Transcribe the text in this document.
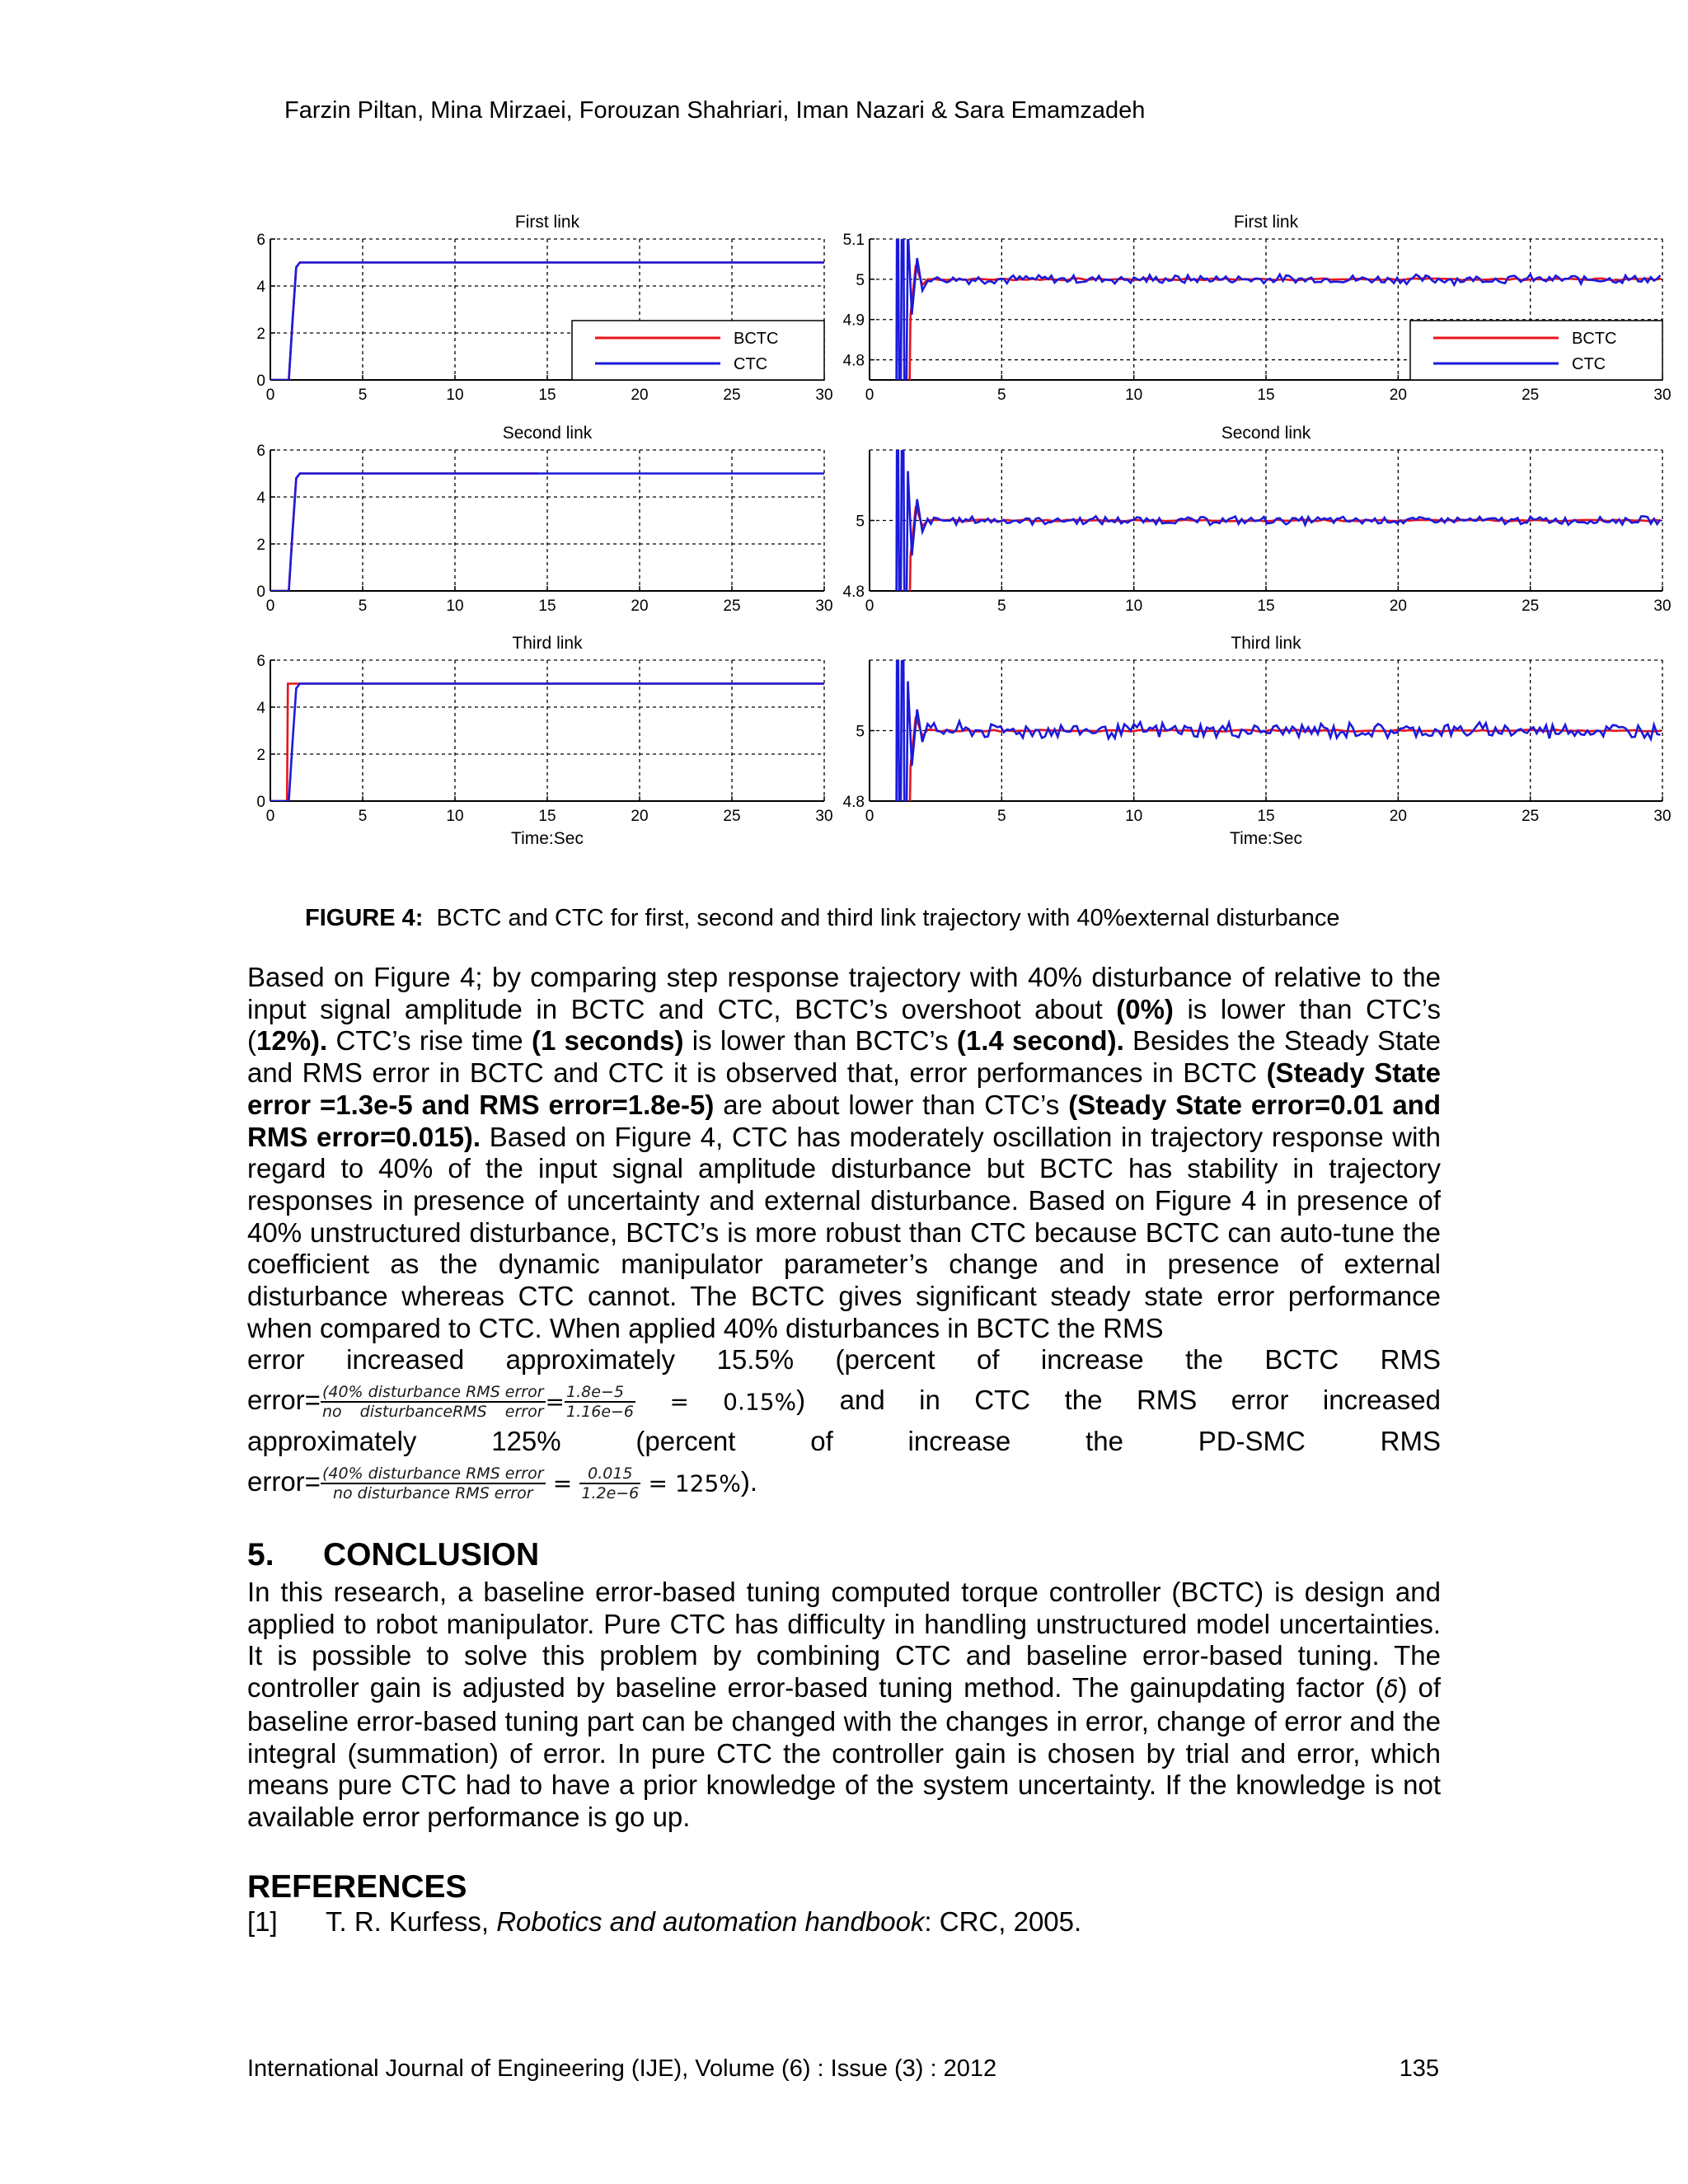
Farzin Piltan, Mina Mirzaei, Forouzan Shahriari, Iman Nazari & Sara Emamzadeh
First link
0	5	10	15	20	25	30
0
2
4
6
BCTC
CTC
First link
0	5	10	15	20	25	30
4.8
4.9
5
5.1
BCTC
CTC
Second link
0	5	10	15	20	25	30
0
2
4
6
Second link
0	5	10	15	20	25	30
4.8
5
Third link
0	5	10	15	20	25	30
0
2
4
6
Time:Sec
Third link
0	5	10	15	20	25	30
4.8
5
Time:Sec
FIGURE 4: BCTC and CTC for first, second and third link trajectory with 40%external disturbance
Based on Figure 4; by comparing step response trajectory with 40% disturbance of relative to the input signal amplitude in BCTC and CTC, BCTC’s overshoot about (0%) is lower than CTC’s (12%). CTC’s rise time (1 seconds) is lower than BCTC’s (1.4 second). Besides the Steady State and RMS error in BCTC and CTC it is observed that, error performances in BCTC (Steady State error =1.3e-5 and RMS error=1.8e-5) are about lower than CTC’s (Steady State error=0.01 and RMS error=0.015). Based on Figure 4, CTC has moderately oscillation in trajectory response with regard to 40% of the input signal amplitude disturbance but BCTC has stability in trajectory responses in presence of uncertainty and external disturbance. Based on Figure 4 in presence of 40% unstructured disturbance, BCTC’s is more robust than CTC because BCTC can auto-tune the coefficient as the dynamic manipulator parameter’s change and in presence of external disturbance whereas CTC cannot. The BCTC gives significant steady state error performance when compared to CTC. When applied 40% disturbances in BCTC the RMS
error increased approximately 15.5% (percent of increase the BCTC RMS
error= $\frac{\text{(40\% disturbance RMS error}}{\text{no disturbanceRMS error}} = \frac{1.8e-5}{1.16e-6} = 0.15\%$) and in CTC the RMS error increased
approximately 125% (percent of increase the PD-SMC RMS
error= $\frac{\text{(40\% disturbance RMS error}}{\text{no disturbance RMS error}} = \frac{0.015}{1.2e-6} = 125\%$).
5. CONCLUSION
In this research, a baseline error-based tuning computed torque controller (BCTC) is design and applied to robot manipulator. Pure CTC has difficulty in handling unstructured model uncertainties. It is possible to solve this problem by combining CTC and baseline error-based tuning. The controller gain is adjusted by baseline error-based tuning method. The gainupdating factor (δ) of baseline error-based tuning part can be changed with the changes in error, change of error and the integral (summation) of error. In pure CTC the controller gain is chosen by trial and error, which means pure CTC had to have a prior knowledge of the system uncertainty. If the knowledge is not available error performance is go up.
REFERENCES
[1] T. R. Kurfess, Robotics and automation handbook: CRC, 2005.
International Journal of Engineering (IJE), Volume (6) : Issue (3) : 2012	135
